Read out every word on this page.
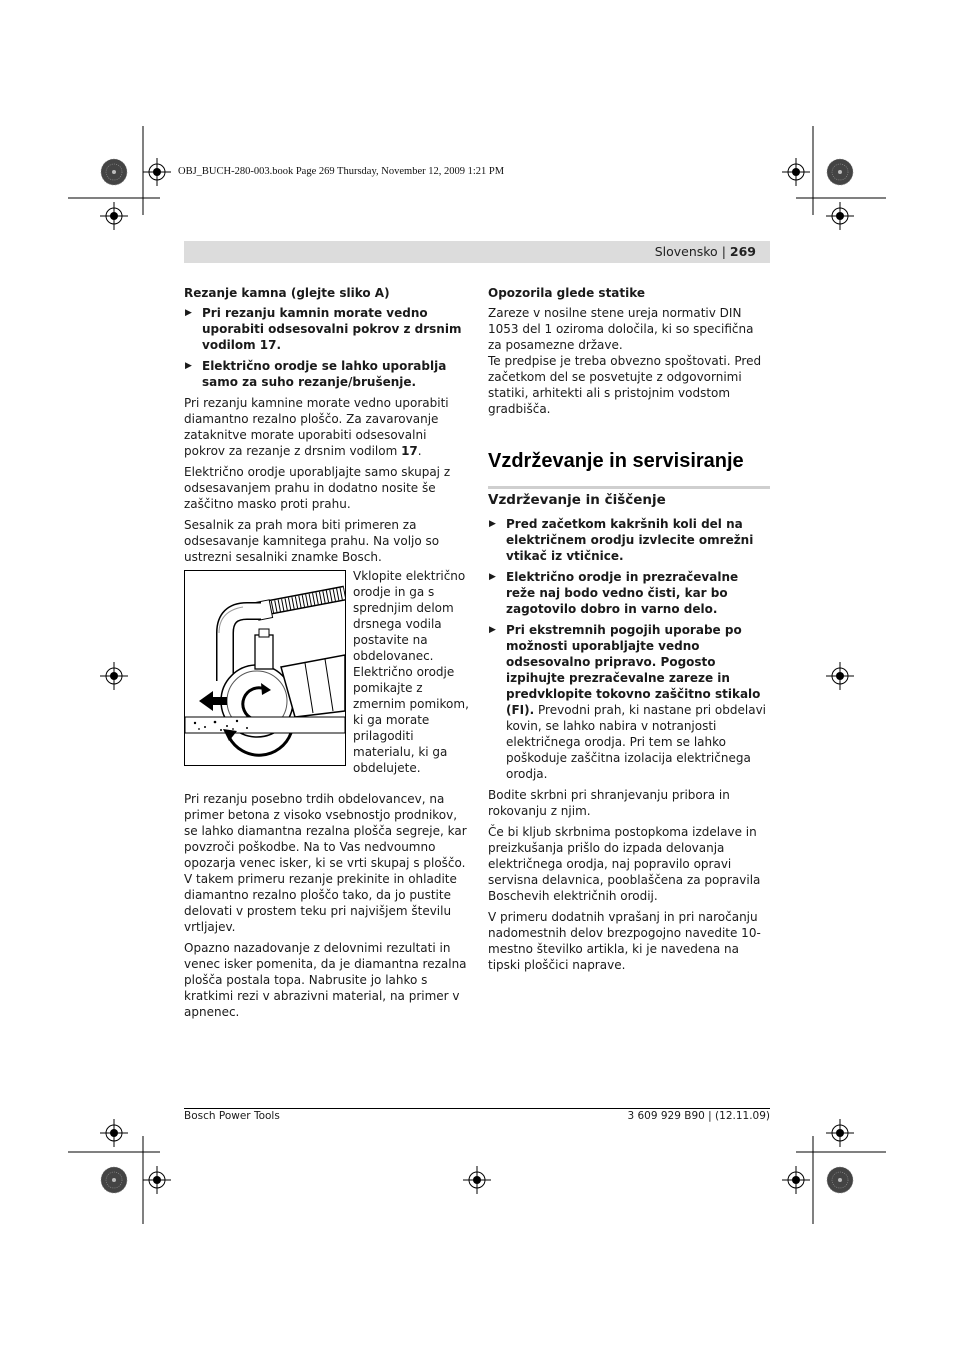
OBJ_BUCH-280-003.book Page 269 Thursday, November 12, 2009 1:21 PM
Slovensko | 269

Rezanje kamna (glejte sliko A)

▶ Pri rezanju kamnin morate vedno uporabiti odsesovalni pokrov z drsnim vodilom 17.
▶ Električno orodje se lahko uporablja samo za suho rezanje/brušenje.

Pri rezanju kamnine morate vedno uporabiti diamantno rezalno ploščo. Za zavarovanje zataknitve morate uporabiti odsesovalni pokrov za rezanje z drsnim vodilom 17.

Električno orodje uporabljajte samo skupaj z odsesavanjem prahu in dodatno nosite še zaščitno masko proti prahu.

Sesalnik za prah mora biti primeren za odsesavanje kamnitega prahu. Na voljo so ustrezni sesalniki znamke Bosch.

Vklopite električno orodje in ga s sprednjim delom drsnega vodila postavite na obdelovanec. Električno orodje pomikajte z zmernim pomikom, ki ga morate prilagoditi materialu, ki ga obdelujete.

Pri rezanju posebno trdih obdelovancev, na primer betona z visoko vsebnostjo prodnikov, se lahko diamantna rezalna plošča segreje, kar povzroči poškodbe. Na to Vas nedvoumno opozarja venec isker, ki se vrti skupaj s ploščo. V takem primeru rezanje prekinite in ohladite diamantno rezalno ploščo tako, da jo pustite delovati v prostem teku pri najvišjem številu vrtljajev.

Opazno nazadovanje z delovnimi rezultati in venec isker pomenita, da je diamantna rezalna plošča postala topa. Nabrusite jo lahko s kratkimi rezi v abrazivni material, na primer v apnenec.

Opozorila glede statike

Zareze v nosilne stene ureja normativ DIN 1053 del 1 oziroma določila, ki so specifična za posamezne države.

Te predpise je treba obvezno spoštovati. Pred začetkom del se posvetujte z odgovornimi statiki, arhitekti ali s pristojnim vodstom gradbišča.

Vzdrževanje in servisiranje
Vzdrževanje in čiščenje
▶ Pred začetkom kakršnih koli del na električnem orodju izvlecite omrežni vtikač iz vtičnice.
▶ Električno orodje in prezračevalne reže naj bodo vedno čisti, kar bo zagotovilo dobro in varno delo.
▶ Pri ekstremnih pogojih uporabe po možnosti uporabljajte vedno odsesovalno pripravo. Pogosto izpihujte prezračevalne zareze in predvklopite tokovno zaščitno stikalo (FI). Prevodni prah, ki nastane pri obdelavi kovin, se lahko nabira v notranjosti električnega orodja. Pri tem se lahko poškoduje zaščitna izolacija električnega orodja.

Bodite skrbni pri shranjevanju pribora in rokovanju z njim.

Če bi kljub skrbnima postopkoma izdelave in preizkušanja prišlo do izpada delovanja električnega orodja, naj popravilo opravi servisna delavnica, pooblaščena za popravila Boschevih električnih orodij.

V primeru dodatnih vprašanj in pri naročanju nadomestnih delov brezpogojno navedite 10-mestno številko artikla, ki je navedena na tipski ploščici naprave.

Bosch Power Tools	3 609 929 B90 | (12.11.09)
